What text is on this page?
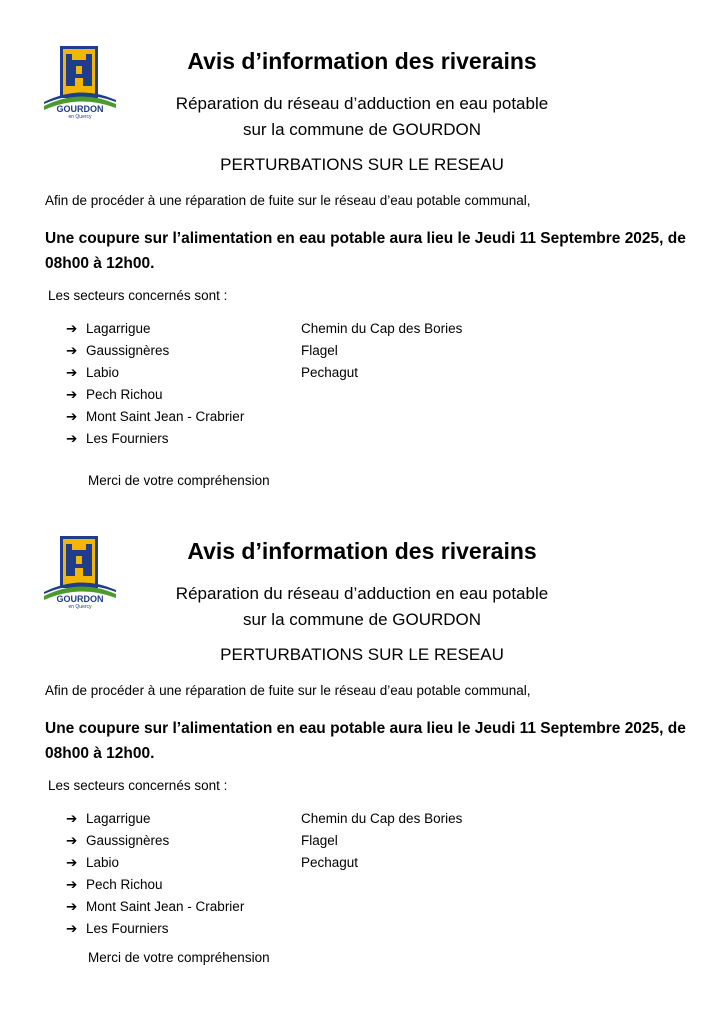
GOURDON
en Quercy
Avis d’information des riverains
Réparation du réseau d’adduction en eau potable
sur la commune de GOURDON
PERTURBATIONS SUR LE RESEAU
Afin de procéder à une réparation de fuite sur le réseau d’eau potable communal,
Une coupure sur l’alimentation en eau potable aura lieu le Jeudi 11 Septembre 2025, de 08h00 à 12h00.
Les secteurs concernés sont :
➔ Lagarrigue
➔ Gaussignères
➔ Labio
➔ Pech Richou
➔ Mont Saint Jean - Crabrier
➔ Les Fourniers
Chemin du Cap des Bories
Flagel
Pechagut
Merci de votre compréhension
GOURDON
en Quercy
Avis d’information des riverains
Réparation du réseau d’adduction en eau potable
sur la commune de GOURDON
PERTURBATIONS SUR LE RESEAU
Afin de procéder à une réparation de fuite sur le réseau d’eau potable communal,
Une coupure sur l’alimentation en eau potable aura lieu le Jeudi 11 Septembre 2025, de 08h00 à 12h00.
Les secteurs concernés sont :
➔ Lagarrigue
➔ Gaussignères
➔ Labio
➔ Pech Richou
➔ Mont Saint Jean - Crabrier
➔ Les Fourniers
Chemin du Cap des Bories
Flagel
Pechagut
Merci de votre compréhension
